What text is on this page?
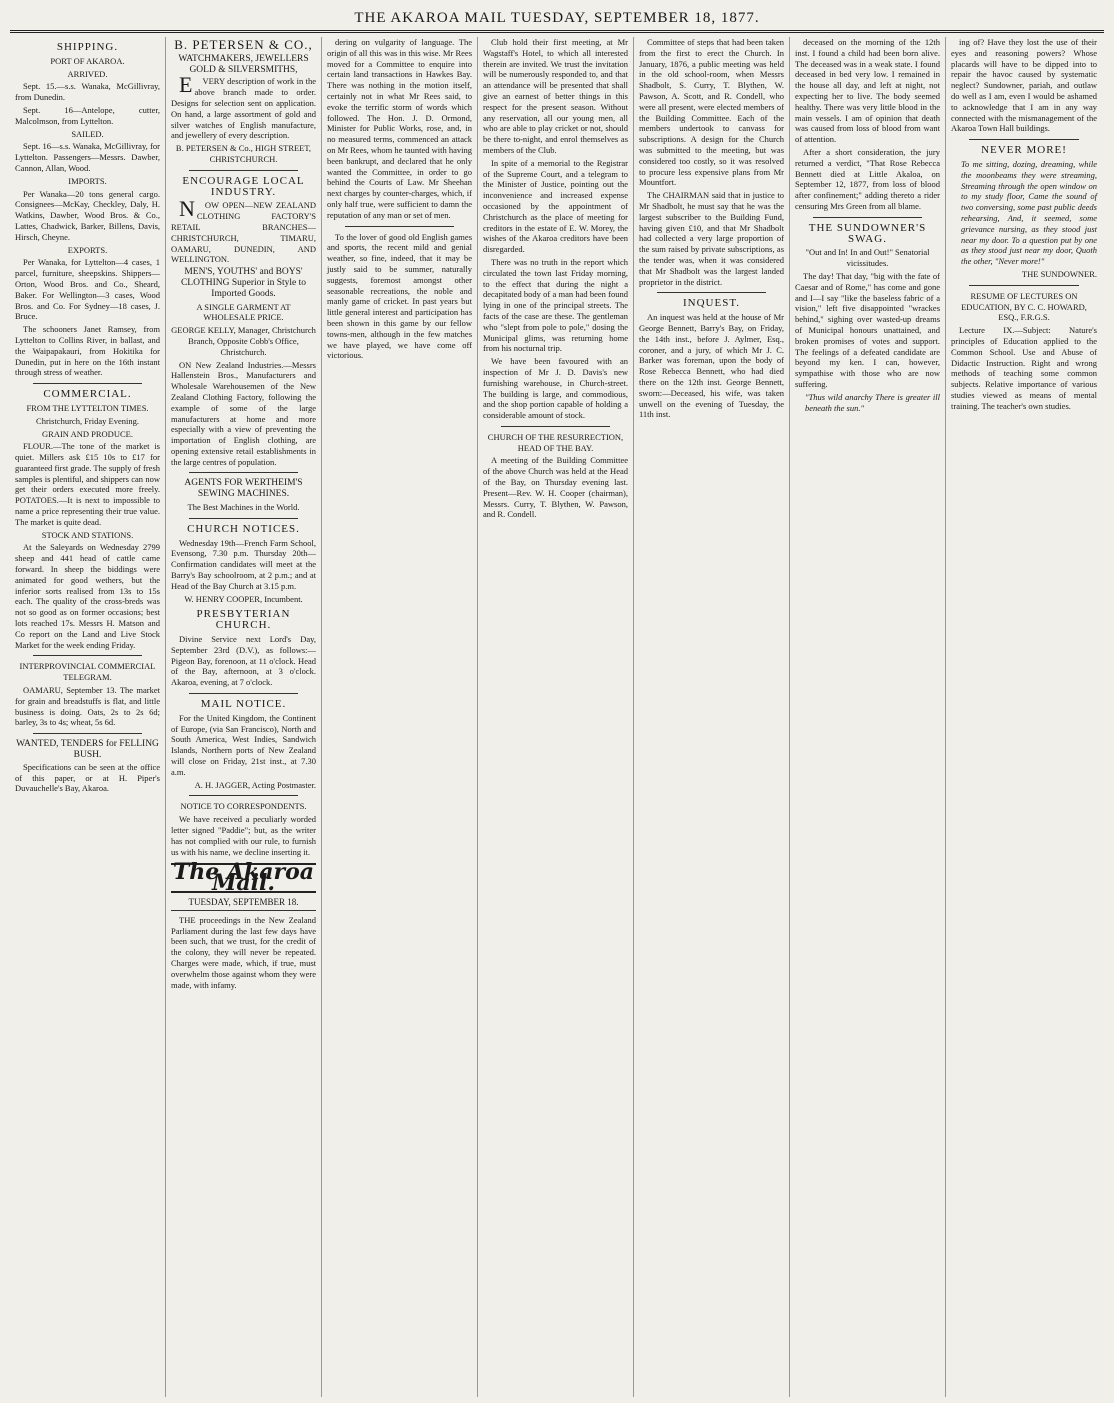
THE AKAROA MAIL TUESDAY, SEPTEMBER 18, 1877.
SHIPPING.
PORT OF AKAROA.
ARRIVED.

Sept. 15.—s.s. Wanaka, McGillivray, from Dunedin.

Sept. 16—Antelope, cutter, Malcolmson, from Lyttelton.

SAILED.

Sept. 16—s.s. Wanaka, McGillivray, for Lyttelton. Passengers—Messrs. Dawber, Cannon, Allan, Wood.

IMPORTS.

Per Wanaka—20 tons general cargo. Consignees—McKay, Checkley, Daly, H. Watkins, Dawber, Wood Bros. & Co., Lattes, Chadwick, Barker, Billens, Davis, Hirsch, Cheyne.

EXPORTS.

Per Wanaka, for Lyttelton—4 cases, 1 parcel, furniture, sheepskins. Shippers—Orton, Wood Bros. and Co., Sheard, Baker. For Wellington—3 cases, Wood Bros. and Co. For Sydney—18 cases, J. Bruce.

The schooners Janet Ramsey, from Lyttelton to Collins River, in ballast, and the Waipapakauri, from Hokitika for Dunedin, put in here on the 16th instant through stress of weather.

COMMERCIAL.
FROM THE LYTTELTON TIMES.
Christchurch, Friday Evening.
GRAIN AND PRODUCE.

FLOUR.—The tone of the market is quiet. Millers ask £15 10s to £17 for guaranteed first grade. The supply of fresh samples is plentiful, and shippers can now get their orders executed more freely. POTATOES.—It is next to impossible to name a price representing their true value. The market is quite dead.

STOCK AND STATIONS.

At the Saleyards on Wednesday 2799 sheep and 441 head of cattle came forward. In sheep the biddings were animated for good wethers, but the inferior sorts realised from 13s to 15s each. The quality of the cross-breds was not so good as on former occasions; best lots reached 17s. Messrs H. Matson and Co report on the Land and Live Stock Market for the week ending Friday.

INTERPROVINCIAL COMMERCIAL TELEGRAM.

OAMARU, September 13. The market for grain and breadstuffs is flat, and little business is doing. Oats, 2s to 2s 6d; barley, 3s to 4s; wheat, 5s 6d.

WANTED, TENDERS for FELLING BUSH.

Specifications can be seen at the office of this paper, or at H. Piper's Duvauchelle's Bay, Akaroa.

B. PETERSEN & CO.,
WATCHMAKERS, JEWELLERS GOLD & SILVERSMITHS,

EVERY description of work in the above branch made to order. Designs for selection sent on application. On hand, a large assortment of gold and silver watches of English manufacture, and jewellery of every description.

B. PETERSEN & Co., HIGH STREET, CHRISTCHURCH.
ENCOURAGE LOCAL INDUSTRY.

NOW OPEN—NEW ZEALAND CLOTHING FACTORY'S RETAIL BRANCHES—CHRISTCHURCH, TIMARU, OAMARU, DUNEDIN, AND WELLINGTON.

MEN'S, YOUTHS' and BOYS' CLOTHING Superior in Style to Imported Goods.
A SINGLE GARMENT AT WHOLESALE PRICE.
GEORGE KELLY, Manager, Christchurch Branch, Opposite Cobb's Office, Christchurch.

ON New Zealand Industries.—Messrs Hallenstein Bros., Manufacturers and Wholesale Warehousemen of the New Zealand Clothing Factory, following the example of some of the large manufacturers at home and more especially with a view of preventing the importation of English clothing, are opening extensive retail establishments in the large centres of population.

AGENTS FOR WERTHEIM'S SEWING MACHINES.
The Best Machines in the World.
CHURCH NOTICES.

Wednesday 19th—French Farm School, Evensong, 7.30 p.m. Thursday 20th—Confirmation candidates will meet at the Barry's Bay schoolroom, at 2 p.m.; and at Head of the Bay Church at 3.15 p.m.

W. HENRY COOPER, Incumbent.
PRESBYTERIAN CHURCH.

Divine Service next Lord's Day, September 23rd (D.V.), as follows:—Pigeon Bay, forenoon, at 11 o'clock. Head of the Bay, afternoon, at 3 o'clock. Akaroa, evening, at 7 o'clock.

MAIL NOTICE.

For the United Kingdom, the Continent of Europe, (via San Francisco), North and South America, West Indies, Sandwich Islands, Northern ports of New Zealand will close on Friday, 21st inst., at 7.30 a.m.

A. H. JAGGER, Acting Postmaster.
NOTICE TO CORRESPONDENTS.

We have received a peculiarly worded letter signed "Paddie"; but, as the writer has not complied with our rule, to furnish us with his name, we decline inserting it.

The Akaroa Mail.
TUESDAY, SEPTEMBER 18.

THE proceedings in the New Zealand Parliament during the last few days have been such, that we trust, for the credit of the colony, they will never be repeated. Charges were made, which, if true, must overwhelm those against whom they were made, with infamy.

dering on vulgarity of language. The origin of all this was in this wise. Mr Rees moved for a Committee to enquire into certain land transactions in Hawkes Bay. There was nothing in the motion itself, certainly not in what Mr Rees said, to evoke the terrific storm of words which followed. The Hon. J. D. Ormond, Minister for Public Works, rose, and, in no measured terms, commenced an attack on Mr Rees, whom he taunted with having been bankrupt, and declared that he only wanted the Committee, in order to go behind the Courts of Law. Mr Sheehan next charges by counter-charges, which, if only half true, were sufficient to damn the reputation of any man or set of men.

To the lover of good old English games and sports, the recent mild and genial weather, so fine, indeed, that it may be justly said to be summer, naturally suggests, foremost amongst other seasonable recreations, the noble and manly game of cricket. In past years but little general interest and participation has been shown in this game by our fellow towns-men, although in the few matches we have played, we have come off victorious.

Club hold their first meeting, at Mr Wagstaff's Hotel, to which all interested therein are invited. We trust the invitation will be numerously responded to, and that an attendance will be presented that shall give an earnest of better things in this respect for the present season. Without any reservation, all our young men, all who are able to play cricket or not, should be there to-night, and enrol themselves as members of the Club.

In spite of a memorial to the Registrar of the Supreme Court, and a telegram to the Minister of Justice, pointing out the inconvenience and increased expense occasioned by the appointment of Christchurch as the place of meeting for creditors in the estate of E. W. Morey, the wishes of the Akaroa creditors have been disregarded.

There was no truth in the report which circulated the town last Friday morning, to the effect that during the night a decapitated body of a man had been found lying in one of the principal streets. The facts of the case are these. The gentleman who "slept from pole to pole," dosing the Municipal glims, was returning home from his nocturnal trip.

We have been favoured with an inspection of Mr J. D. Davis's new furnishing warehouse, in Church-street. The building is large, and commodious, and the shop portion capable of holding a considerable amount of stock.

CHURCH OF THE RESURRECTION, HEAD OF THE BAY.

A meeting of the Building Committee of the above Church was held at the Head of the Bay, on Thursday evening last. Present—Rev. W. H. Cooper (chairman), Messrs. Curry, T. Blythen, W. Pawson, and R. Condell.

Committee of steps that had been taken from the first to erect the Church. In January, 1876, a public meeting was held in the old school-room, when Messrs Shadbolt, S. Curry, T. Blythen, W. Pawson, A. Scott, and R. Condell, who were all present, were elected members of the Building Committee. Each of the members undertook to canvass for subscriptions. A design for the Church was submitted to the meeting, but was considered too costly, so it was resolved to procure less expensive plans from Mr Mountfort.

The CHAIRMAN said that in justice to Mr Shadbolt, he must say that he was the largest subscriber to the Building Fund, having given £10, and that Mr Shadbolt had collected a very large proportion of the sum raised by private subscriptions, as the tender was, when it was considered that Mr Shadbolt was the largest landed proprietor in the district.

INQUEST.

An inquest was held at the house of Mr George Bennett, Barry's Bay, on Friday, the 14th inst., before J. Aylmer, Esq., coroner, and a jury, of which Mr J. C. Barker was foreman, upon the body of Rose Rebecca Bennett, who had died there on the 12th inst. George Bennett, sworn:—Deceased, his wife, was taken unwell on the evening of Tuesday, the 11th inst.

deceased on the morning of the 12th inst. I found a child had been born alive. The deceased was in a weak state. I found deceased in bed very low. I remained in the house all day, and left at night, not expecting her to live. The body seemed healthy. There was very little blood in the main vessels. I am of opinion that death was caused from loss of blood from want of attention.

After a short consideration, the jury returned a verdict, "That Rose Rebecca Bennett died at Little Akaloa, on September 12, 1877, from loss of blood after confinement;" adding thereto a rider censuring Mrs Green from all blame.

THE SUNDOWNER'S SWAG.
"Out and In! In and Out!" Senatorial vicissitudes.

The day! That day, "big with the fate of Caesar and of Rome," has come and gone and I—I say "like the baseless fabric of a vision," left five disappointed "wrackes behind," sighing over wasted-up dreams of Municipal honours unattained, and broken promises of votes and support. The feelings of a defeated candidate are beyond my ken. I can, however, sympathise with those who are now suffering.

"Thus wild anarchy There is greater ill beneath the sun."

ing of? Have they lost the use of their eyes and reasoning powers? Whose placards will have to be dipped into to repair the havoc caused by systematic neglect? Sundowner, pariah, and outlaw do well as I am, even I would be ashamed to acknowledge that I am in any way connected with the mismanagement of the Akaroa Town Hall buildings.

NEVER MORE!

To me sitting, dozing, dreaming, while the moonbeams they were streaming, Streaming through the open window on to my study floor, Came the sound of two conversing, some past public deeds rehearsing, And, it seemed, some grievance nursing, as they stood just near my door. To a question put by one as they stood just near my door, Quoth the other, "Never more!"

THE SUNDOWNER.
RESUME OF LECTURES ON EDUCATION, BY C. C. HOWARD, ESQ., F.R.G.S.

Lecture IX.—Subject: Nature's principles of Education applied to the Common School. Use and Abuse of Didactic Instruction. Right and wrong methods of teaching some common subjects. Relative importance of various studies viewed as means of mental training. The teacher's own studies.
